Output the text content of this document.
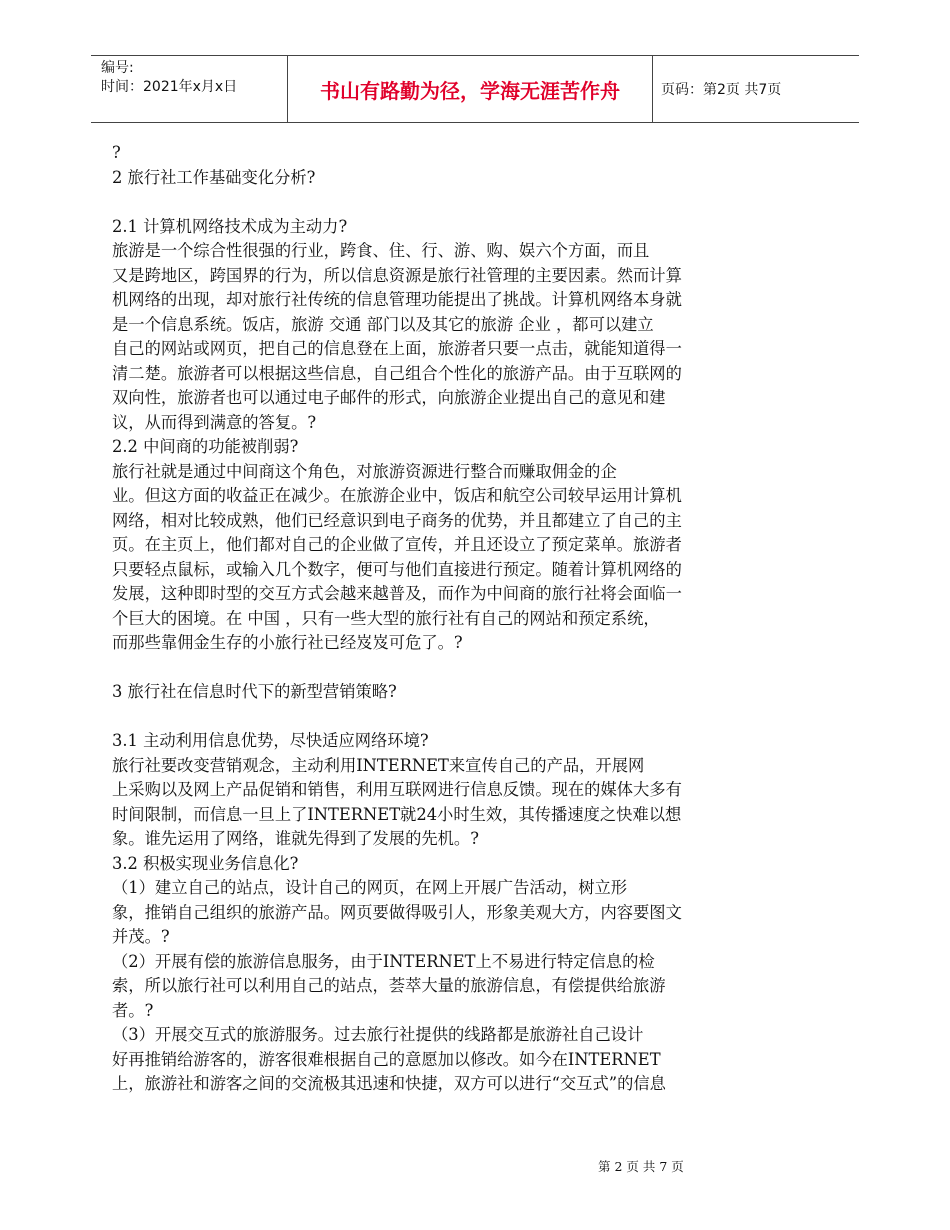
编号:
时间：2021年x月x日	书山有路勤为径，学海无涯苦作舟	页码：第2页 共7页
?
2 旅行社工作基础变化分析?
2.1 计算机网络技术成为主动力?
旅游是一个综合性很强的行业，跨食、住、行、游、购、娱六个方面，而且
又是跨地区，跨国界的行为，所以信息资源是旅行社管理的主要因素。然而计算
机网络的出现，却对旅行社传统的信息管理功能提出了挑战。计算机网络本身就
是一个信息系统。饭店，旅游 交通 部门以及其它的旅游 企业 ，都可以建立
自己的网站或网页，把自己的信息登在上面，旅游者只要一点击，就能知道得一
清二楚。旅游者可以根据这些信息，自己组合个性化的旅游产品。由于互联网的
双向性，旅游者也可以通过电子邮件的形式，向旅游企业提出自己的意见和建
议，从而得到满意的答复。?
2.2 中间商的功能被削弱?
旅行社就是通过中间商这个角色，对旅游资源进行整合而赚取佣金的企
业。但这方面的收益正在减少。在旅游企业中，饭店和航空公司较早运用计算机
网络，相对比较成熟，他们已经意识到电子商务的优势，并且都建立了自己的主
页。在主页上，他们都对自己的企业做了宣传，并且还设立了预定菜单。旅游者
只要轻点鼠标，或输入几个数字，便可与他们直接进行预定。随着计算机网络的
发展，这种即时型的交互方式会越来越普及，而作为中间商的旅行社将会面临一
个巨大的困境。在 中国 ，只有一些大型的旅行社有自己的网站和预定系统，
而那些靠佣金生存的小旅行社已经岌岌可危了。?
3 旅行社在信息时代下的新型营销策略?
3.1 主动利用信息优势，尽快适应网络环境?
旅行社要改变营销观念，主动利用INTERNET来宣传自己的产品，开展网
上采购以及网上产品促销和销售，利用互联网进行信息反馈。现在的媒体大多有
时间限制，而信息一旦上了INTERNET就24小时生效，其传播速度之快难以想
象。谁先运用了网络，谁就先得到了发展的先机。?
3.2 积极实现业务信息化?
（1）建立自己的站点，设计自己的网页，在网上开展广告活动，树立形
象，推销自己组织的旅游产品。网页要做得吸引人，形象美观大方，内容要图文
并茂。?
（2）开展有偿的旅游信息服务，由于INTERNET上不易进行特定信息的检
索，所以旅行社可以利用自己的站点，荟萃大量的旅游信息，有偿提供给旅游
者。?
（3）开展交互式的旅游服务。过去旅行社提供的线路都是旅游社自己设计
好再推销给游客的，游客很难根据自己的意愿加以修改。如今在INTERNET
上，旅游社和游客之间的交流极其迅速和快捷，双方可以进行“交互式”的信息
第 2 页 共 7 页
